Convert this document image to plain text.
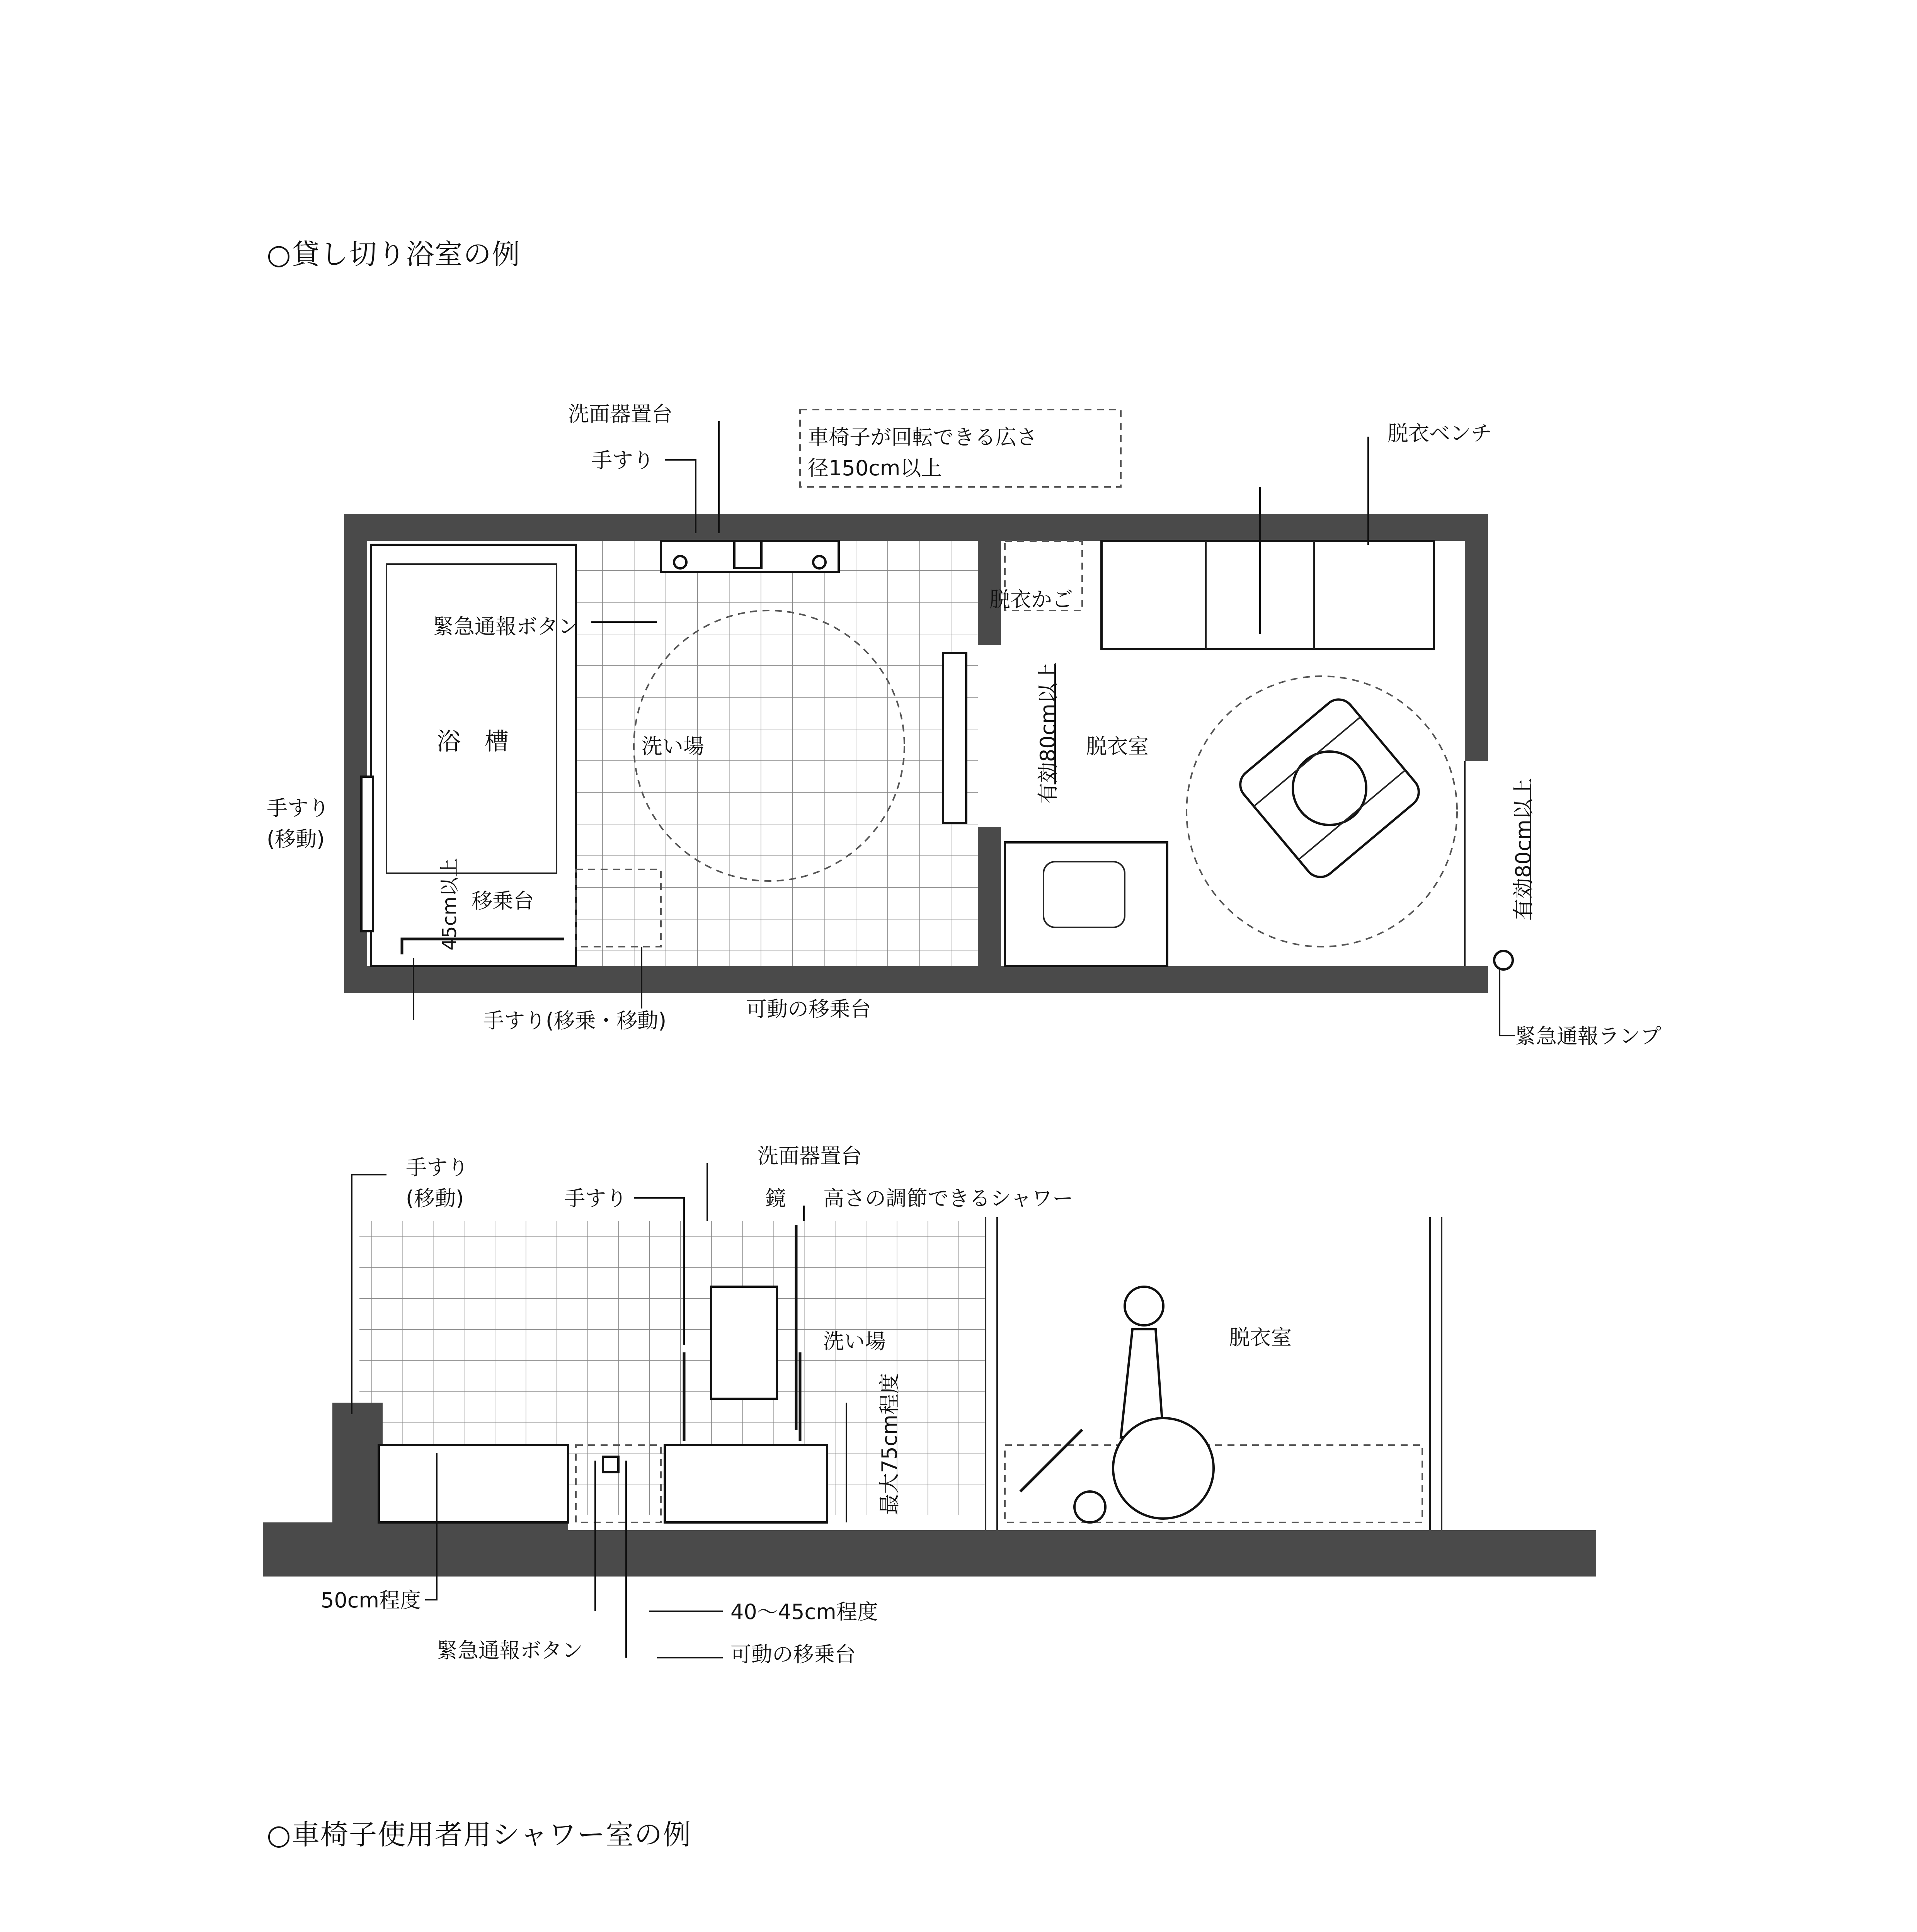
○貸し切り浴室の例
洗面器置台
手すり
車椅子が回転できる広さ
径150cm以上
脱衣ベンチ
緊急通報ボタン
脱衣かご
浴　槽	洗い場	有効80cm以上 脱衣室
手すり
(移動)
45cm以上 移乗台	有効80cm以上
手すり(移乗・移動)	可動の移乗台
緊急通報ランプ
手すり
(移動)
洗面器置台
手すり	鏡 高さの調節できるシャワー
洗い場	脱衣室
最大75cm程度
50cm程度	40～45cm程度
緊急通報ボタン	可動の移乗台
○車椅子使用者用シャワー室の例
